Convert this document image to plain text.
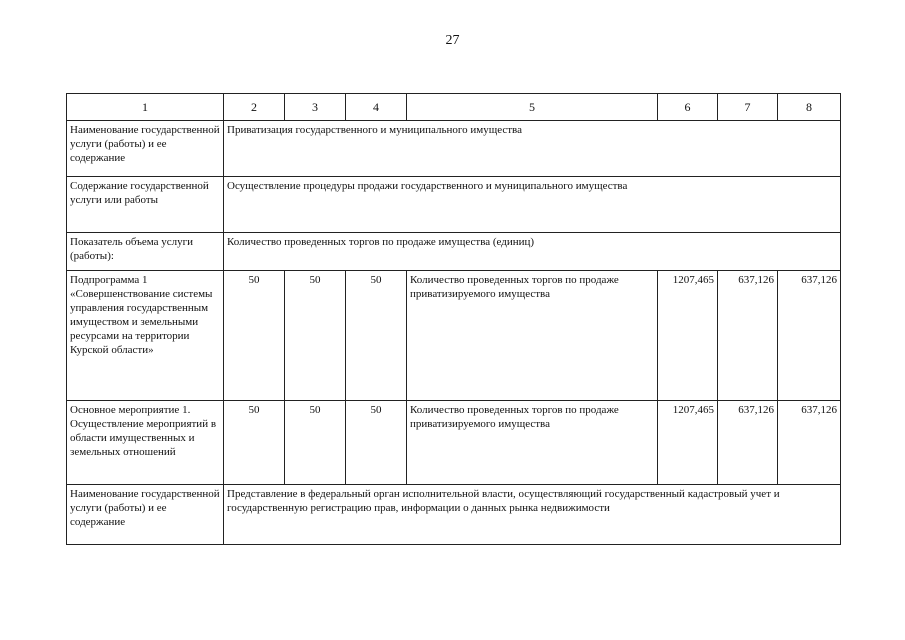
27
1	2	3	4	5	6	7	8
Наименование государственной услуги (работы) и ее содержание	Приватизация государственного и муниципального имущества						
Содержание государственной услуги или работы	Осуществление процедуры продажи государственного и муниципального имущества						
Показатель объема услуги (работы):	Количество проведенных торгов по продаже имущества (единиц)						
Подпрограмма 1 «Совершенствование системы управления государственным имуществом и земельными ресурсами на территории Курской области»	50	50	50	Количество проведенных торгов по продаже приватизируемого имущества	1207,465	637,126	637,126
Основное мероприятие 1. Осуществление мероприятий в области имущественных и земельных отношений	50	50	50	Количество проведенных торгов по продаже приватизируемого имущества	1207,465	637,126	637,126
Наименование государственной услуги (работы) и ее содержание	Представление в федеральный орган исполнительной власти, осуществляющий государственный кадастровый учет и государственную регистрацию прав, информации о данных рынка недвижимости						
